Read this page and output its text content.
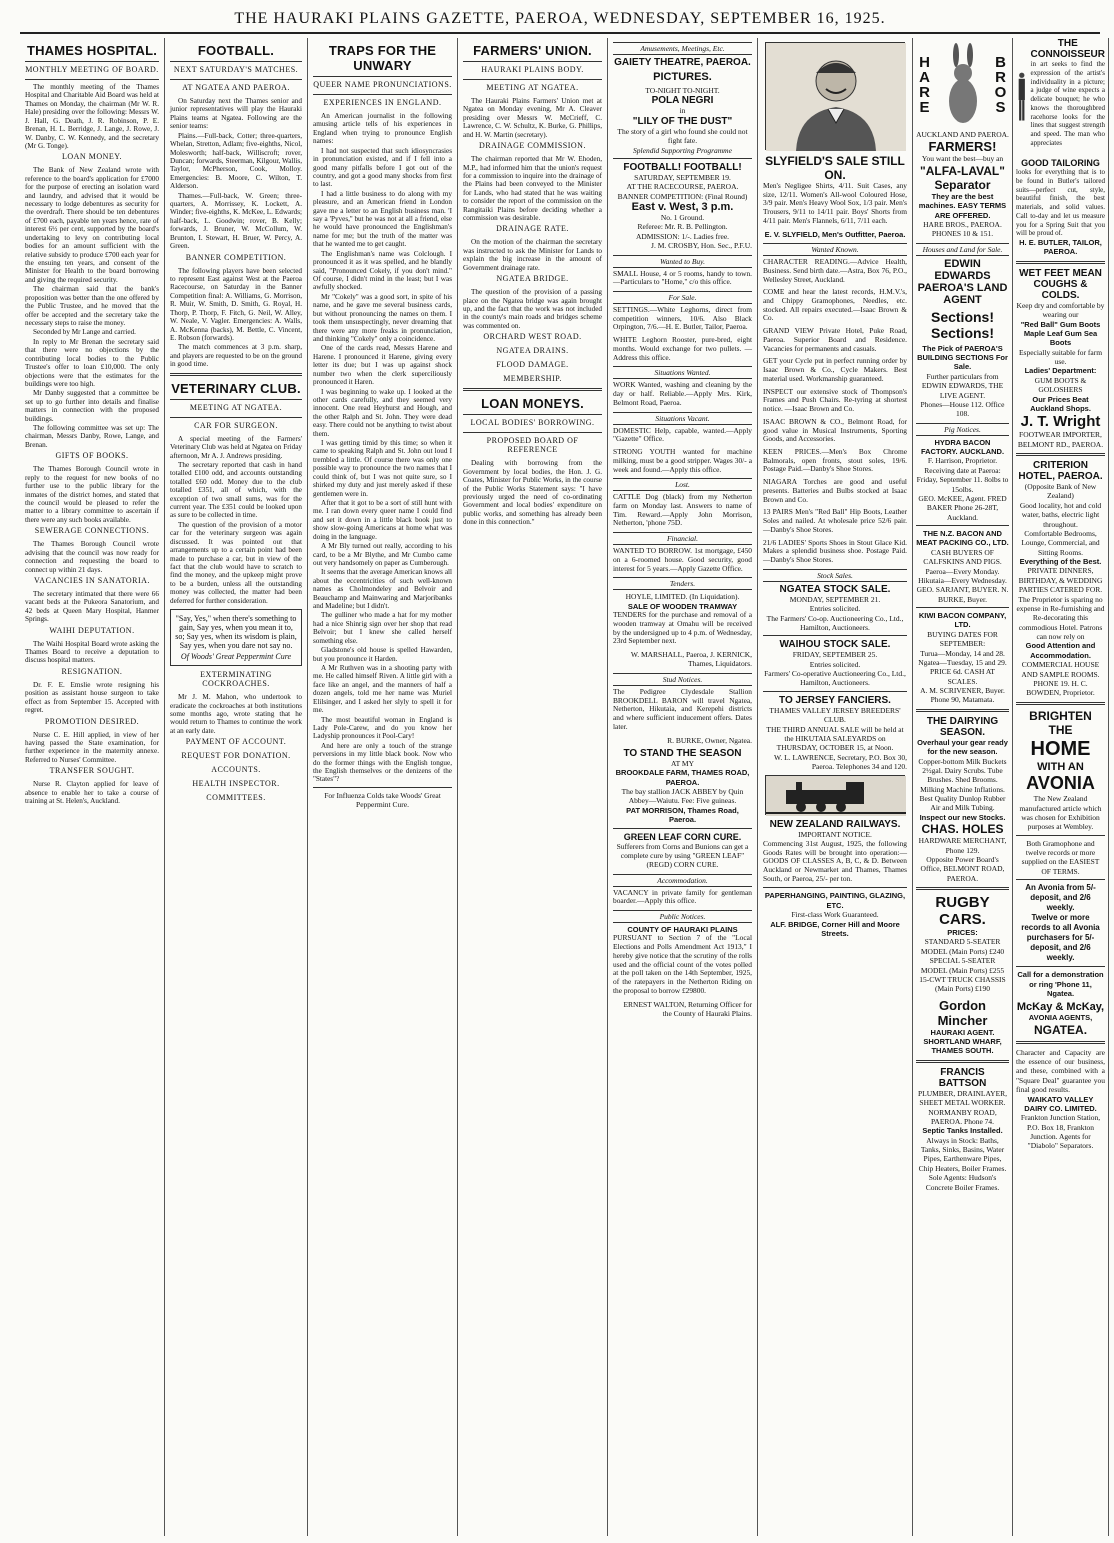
THE HAURAKI PLAINS GAZETTE, PAEROA, WEDNESDAY, SEPTEMBER 16, 1925.
THAMES HOSPITAL.
MONTHLY MEETING OF BOARD.

The monthly meeting of the Thames Hospital and Charitable Aid Board was held at Thames on Monday, the chairman (Mr W. R. Hale) presiding over the following: Messrs W. J. Hall, G. Death, J. R. Robinson, P. E. Brenan, H. L. Berridge, J. Lange, J. Rowe, J. W. Danby, C. W. Kennedy, and the secretary (Mr G. Tonge).

LOAN MONEY.

The Bank of New Zealand wrote with reference to the board's application for £7000 for the purpose of erecting an isolation ward and laundry, and advised that it would be necessary to lodge debentures as security for the overdraft. There should be ten debentures of £700 each, payable ten years hence, rate of interest 6½ per cent, supported by the board's undertaking to levy on contributing local bodies for an amount sufficient with the relative subsidy to produce £700 each year for the ensuing ten years, and consent of the Minister for Health to the board borrowing and giving the required security.

The chairman said that the bank's proposition was better than the one offered by the Public Trustee, and he moved that the offer be accepted and the secretary take the necessary steps to raise the money.

Seconded by Mr Lange and carried.

In reply to Mr Brenan the secretary said that there were no objections by the contributing local bodies to the Public Trustee's offer to loan £10,000. The only objections were that the estimates for the buildings were too high.

Mr Danby suggested that a committee be set up to go further into details and finalise matters in connection with the proposed buildings.

The following committee was set up: The chairman, Messrs Danby, Rowe, Lange, and Brenan.

GIFTS OF BOOKS.

The Thames Borough Council wrote in reply to the request for new books of no further use to the public library for the inmates of the district homes, and stated that the council would be pleased to refer the matter to a library committee to ascertain if there were any such books available.

SEWERAGE CONNECTIONS.

The Thames Borough Council wrote advising that the council was now ready for connection and requesting the board to connect up within 21 days.

VACANCIES IN SANATORIA.

The secretary intimated that there were 66 vacant beds at the Pukeora Sanatorium, and 42 beds at Queen Mary Hospital, Hanmer Springs.

WAIHI DEPUTATION.

The Waihi Hospital Board wrote asking the Thames Board to receive a deputation to discuss hospital matters.

RESIGNATION.

Dr. F. E. Emslie wrote resigning his position as assistant house surgeon to take effect as from September 15. Accepted with regret.

PROMOTION DESIRED.

Nurse C. E. Hill applied, in view of her having passed the State examination, for further experience in the maternity annexe. Referred to Nurses' Committee.

TRANSFER SOUGHT.

Nurse R. Clayton applied for leave of absence to enable her to take a course of training at St. Helen's, Auckland.

FOOTBALL.
NEXT SATURDAY'S MATCHES.
AT NGATEA AND PAEROA.

On Saturday next the Thames senior and junior representatives will play the Hauraki Plains teams at Ngatea. Following are the senior teams:

Plains.—Full-back, Cotter; three-quarters, Whelan, Stretton, Adlam; five-eighths, Nicol, Molesworth; half-back, Williscroft; rover, Duncan; forwards, Steerman, Kilgour, Wallis, Taylor, McPherson, Cook, Molloy. Emergencies: B. Moore, C. Wilton, T. Alderson.

Thames.—Full-back, W. Green; three-quarters, A. Morrissey, K. Lockett, A. Winder; five-eighths, K. McKee, L. Edwards; half-back, L. Goodwin; rover, B. Kelly; forwards, J. Bruner, W. McCollum, W. Brunton, I. Stewart, H. Bruer, W. Percy, A. Green.

BANNER COMPETITION.

The following players have been selected to represent East against West at the Paeroa Racecourse, on Saturday in the Banner Competition final: A. Williams, G. Morrison, R. Muir, W. Smith, D. Smith, G. Royal, H. Thorp, P. Thorp, F. Fitch, G. Neil, W. Alley, W. Neale, V. Vagler. Emergencies: A. Walls, A. McKenna (backs), M. Bettle, C. Vincent, E. Robson (forwards).

The match commences at 3 p.m. sharp, and players are requested to be on the ground in good time.

VETERINARY CLUB.
MEETING AT NGATEA.
CAR FOR SURGEON.

A special meeting of the Farmers' Veterinary Club was held at Ngatea on Friday afternoon, Mr A. J. Andrews presiding.

The secretary reported that cash in hand totalled £100 odd, and accounts outstanding totalled £60 odd. Money due to the club totalled £351, all of which, with the exception of two small sums, was for the current year. The £351 could be looked upon as sure to be collected in time.

The question of the provision of a motor car for the veterinary surgeon was again discussed. It was pointed out that arrangements up to a certain point had been made to purchase a car, but in view of the fact that the club would have to scratch to find the money, and the upkeep might prove to be a burden, unless all the outstanding money was collected, the matter had been deferred for further consideration.

"Say, Yes," when there's something to gain, Say yes, when you mean it to, so; Say yes, when its wisdom is plain, Say yes, when you dare not say no.
Of Woods' Great Peppermint Cure
EXTERMINATING COCKROACHES.

Mr J. M. Mahon, who undertook to eradicate the cockroaches at both institutions some months ago, wrote stating that he would return to Thames to continue the work at an early date.

PAYMENT OF ACCOUNT.
REQUEST FOR DONATION.
ACCOUNTS.
HEALTH INSPECTOR.
COMMITTEES.
TRAPS FOR THE UNWARY
QUEER NAME PRONUNCIATIONS.
EXPERIENCES IN ENGLAND.

An American journalist in the following amusing article tells of his experiences in England when trying to pronounce English names:

I had not suspected that such idiosyncrasies in pronunciation existed, and if I fell into a good many pitfalls before I got out of the country, and got a good many shocks from first to last.

I had a little business to do along with my pleasure, and an American friend in London gave me a letter to an English business man. 'I say a 'Pyves,'' but he was not at all a friend, else he would have pronounced the Englishman's name for me; but the truth of the matter was that he wanted me to get caught.

The Englishman's name was Colclough. I pronounced it as it was spelled, and he blandly said, "Pronounced Cokely, if you don't mind." Of course, I didn't mind in the least; but I was awfully shocked.

Mr "Cokely" was a good sort, in spite of his name, and he gave me several business cards, but without pronouncing the names on them. I took them unsuspectingly, never dreaming that there were any more freaks in pronunciation, and thinking "Cokely" only a coincidence.

One of the cards read, Messrs Harene and Harene. I pronounced it Harene, giving every letter its due; but I was up against shock number two when the clerk superciliously pronounced it Haren.

I was beginning to wake up. I looked at the other cards carefully, and they seemed very innocent. One read Heyhurst and Hough, and the other Ralph and St. John. They were dead easy. There could not be anything to twist about them.

I was getting timid by this time; so when it came to speaking Ralph and St. John out loud I trembled a little. Of course there was only one possible way to pronounce the two names that I could think of, but I was not quite sure, so I shirked my duty and just merely asked if these gentlemen were in.

After that it got to be a sort of still hunt with me. I ran down every queer name I could find and set it down in a little black book just to show slow-going Americans at home what was doing in the language.

A Mr Bly turned out really, according to his card, to be a Mr Blythe, and Mr Cumbo came out very handsomely on paper as Cumberough.

It seems that the average American knows all about the eccentricities of such well-known names as Cholmondeley and Belvoir and Beauchamp and Mainwaring and Marjoribanks and Madeline; but I didn't.

The gulliner who made a hat for my mother had a nice Shinrig sign over her shop that read Belvoir; but I knew she called herself something else.

Gladstone's old house is spelled Hawarden, but you pronounce it Harden.

A Mr Ruthven was in a shooting party with me. He called himself Riven. A little girl with a face like an angel, and the manners of half a dozen angels, told me her name was Muriel Elilsinger, and I asked her slyly to spell it for me.

The most beautiful woman in England is Lady Pole-Carew, and do you know her Ladyship pronounces it Pool-Cary!

And here are only a touch of the strange perversions in my little black book. Now who do the former things with the English tongue, the English themselves or the denizens of the "States"?

For Influenza Colds take Woods' Great Peppermint Cure.
FARMERS' UNION.
HAURAKI PLAINS BODY.
MEETING AT NGATEA.

The Hauraki Plains Farmers' Union met at Ngatea on Monday evening, Mr A. Cleaver presiding over Messrs W. McCrieff, C. Lawrence, C. W. Schultz, K. Burke, G. Phillips, and H. W. Martin (secretary).

DRAINAGE COMMISSION.

The chairman reported that Mr W. Ehoden, M.P., had informed him that the union's request for a commission to inquire into the drainage of the Plains had been conveyed to the Minister for Lands, who had stated that he was waiting to consider the report of the commission on the Rangitaiki Plains before deciding whether a commission was desirable.

DRAINAGE RATE.

On the motion of the chairman the secretary was instructed to ask the Minister for Lands to explain the big increase in the amount of Government drainage rate.

NGATEA BRIDGE.

The question of the provision of a passing place on the Ngatea bridge was again brought up, and the fact that the work was not included in the county's main roads and bridges scheme was commented on.

ORCHARD WEST ROAD.
NGATEA DRAINS.
FLOOD DAMAGE.
MEMBERSHIP.
LOAN MONEYS.
LOCAL BODIES' BORROWING.
PROPOSED BOARD OF REFERENCE

Dealing with borrowing from the Government by local bodies, the Hon. J. G. Coates, Minister for Public Works, in the course of the Public Works Statement says: "I have previously urged the need of co-ordinating Government and local bodies' expenditure on public works, and something has already been done in this connection."

Amusements, Meetings, Etc.
GAIETY THEATRE, PAEROA.
PICTURES.
TO-NIGHT TO-NIGHT.
POLA NEGRI
in
"LILY OF THE DUST"
The story of a girl who found she could not fight fate.
Splendid Supporting Programme
FOOTBALL! FOOTBALL!
SATURDAY, SEPTEMBER 19.
AT THE RACECOURSE, PAEROA.
BANNER COMPETITION: (Final Round)
East v. West, 3 p.m.
No. 1 Ground.
Referee: Mr. R. B. Pellington.
ADMISSION: 1/-. Ladies free.
J. M. CROSBY, Hon. Sec., P.F.U.
Wanted to Buy.
SMALL House, 4 or 5 rooms, handy to town.—Particulars to "Home," c/o this office.
For Sale.
SETTINGS.—White Leghorns, direct from competition winners, 10/6. Also Black Orpington, 7/6.—H. E. Butler, Tailor, Paeroa.
WHITE Leghorn Rooster, pure-bred, eight months. Would exchange for two pullets. —Address this office.
Situations Wanted.
WORK Wanted, washing and cleaning by the day or half. Reliable.—Apply Mrs. Kirk, Belmont Road, Paeroa.
Situations Vacant.
DOMESTIC Help, capable, wanted.—Apply "Gazette" Office.
STRONG YOUTH wanted for machine milking, must be a good stripper. Wages 30/- a week and found.—Apply this office.
Lost.
CATTLE Dog (black) from my Netherton farm on Monday last. Answers to name of Tim. Reward.—Apply John Morrison, Netherton, 'phone 75D.
Financial.
WANTED TO BORROW. 1st mortgage, £450 on a 6-roomed house. Good security, good interest for 5 years.—Apply Gazette Office.
Tenders.
HOYLE, LIMITED. (In Liquidation).
SALE OF WOODEN TRAMWAY
TENDERS for the purchase and removal of a wooden tramway at Omahu will be received by the undersigned up to 4 p.m. of Wednesday, 23rd September next.
W. MARSHALL, Paeroa, J. KERNICK, Thames, Liquidators.
Stud Notices.
The Pedigree Clydesdale Stallion BROOKDELL BARON will travel Ngatea, Netherton, Hikutaia, and Kerepehi districts and where sufficient inducement offers. Dates later.
R. BURKE, Owner, Ngatea.
TO STAND THE SEASON
AT MY
BROOKDALE FARM, THAMES ROAD, PAEROA.
The bay stallion JACK ABBEY by Quin Abbey—Waiutu. Fee: Five guineas.
PAT MORRISON, Thames Road, Paeroa.
GREEN LEAF CORN CURE.
Sufferers from Corns and Bunions can get a complete cure by using "GREEN LEAF" (REGD) CORN CURE.
Accommodation.
VACANCY in private family for gentleman boarder.—Apply this office.
Public Notices.
COUNTY OF HAURAKI PLAINS
PURSUANT to Section 7 of the "Local Elections and Polls Amendment Act 1913," I hereby give notice that the scrutiny of the rolls used and the official count of the votes polled at the poll taken on the 14th September, 1925, of the ratepayers in the Netherton Riding on the proposal to borrow £29800.
ERNEST WALTON, Returning Officer for the County of Hauraki Plains.
SLYFIELD'S SALE STILL ON.
Men's Negligee Shirts, 4/11. Suit Cases, any size, 12/11. Women's All-wool Coloured Hose, 3/9 pair. Men's Heavy Wool Sox, 1/3 pair. Men's Trousers, 9/11 to 14/11 pair. Boys' Shorts from 4/11 pair. Men's Flannels, 6/11, 7/11 each.
E. V. SLYFIELD, Men's Outfitter, Paeroa.
Wanted Known.
CHARACTER READING.—Advice Health, Business. Send birth date.—Astra, Box 76, P.O., Wellesley Street, Auckland.
COME and hear the latest records, H.M.V.'s, and Chippy Gramophones, Needles, etc. stocked. All repairs executed.—Isaac Brown & Co.
GRAND VIEW Private Hotel, Puke Road, Paeroa. Superior Board and Residence. Vacancies for permanents and casuals.
GET your Cycle put in perfect running order by Isaac Brown & Co., Cycle Makers. Best material used. Workmanship guaranteed.
INSPECT our extensive stock of Thompson's Frames and Push Chairs. Re-tyring at shortest notice. —Isaac Brown and Co.
ISAAC BROWN & CO., Belmont Road, for good value in Musical Instruments, Sporting Goods, and Accessories.
KEEN PRICES.—Men's Box Chrome Balmorals, open fronts, stout soles, 19/6. Postage Paid.—Danby's Shoe Stores.
NIAGARA Torches are good and useful presents. Batteries and Bulbs stocked at Isaac Brown and Co.
13 PAIRS Men's "Red Ball" Hip Boots, Leather Soles and nailed. At wholesale price 52/6 pair.—Danby's Shoe Stores.
21/6 LADIES' Sports Shoes in Stout Glace Kid. Makes a splendid business shoe. Postage Paid.—Danby's Shoe Stores.
Stock Sales.
NGATEA STOCK SALE.
MONDAY, SEPTEMBER 21.
Entries solicited.
The Farmers' Co-op. Auctioneering Co., Ltd., Hamilton, Auctioneers.
WAIHOU STOCK SALE.
FRIDAY, SEPTEMBER 25.
Entries solicited.
Farmers' Co-operative Auctioneering Co., Ltd., Hamilton, Auctioneers.
TO JERSEY FANCIERS.
THAMES VALLEY JERSEY BREEDERS' CLUB.
THE THIRD ANNUAL SALE will be held at the HIKUTAIA SALEYARDS on THURSDAY, OCTOBER 15, at Noon.
W. L. LAWRENCE, Secretary, P.O. Box 30, Paeroa. Telephones 34 and 120.
NEW ZEALAND RAILWAYS.
IMPORTANT NOTICE.
Commencing 31st August, 1925, the following Goods Rates will be brought into operation:— GOODS OF CLASSES A, B, C, & D. Between Auckland or Newmarket and Thames, Thames South, or Paeroa, 25/- per ton.
PAPERHANGING, PAINTING, GLAZING, ETC.
First-class Work Guaranteed.
ALF. BRIDGE, Corner Hill and Moore Streets.
HARE	BROS
AUCKLAND AND PAEROA.
FARMERS!
You want the best—buy an
"ALFA-LAVAL" Separator
They are the best machines. EASY TERMS ARE OFFERED.
HARE BROS., PAEROA. PHONES 10 & 151.
Houses and Land for Sale.
EDWIN EDWARDS PAEROA'S LAND AGENT
Sections! Sections!
The Pick of PAEROA'S BUILDING SECTIONS For Sale.
Further particulars from EDWIN EDWARDS, THE LIVE AGENT.
Phones—House 112. Office 108.
Pig Notices.
HYDRA BACON FACTORY. AUCKLAND.
F. Harrison, Proprietor.
Receiving date at Paeroa: Friday, September 11. 8olbs to 15olbs.
GEO. McKEE, Agent. FRED BAKER Phone 26-28T, Auckland.
THE N.Z. BACON AND MEAT PACKING CO., LTD.
CASH BUYERS OF CALFSKINS AND PIGS.
Paeroa—Every Monday. Hikutaia—Every Wednesday.
GEO. SARJANT, BUYER. N. BURKE, Buyer.
KIWI BACON COMPANY, LTD.
BUYING DATES FOR SEPTEMBER:
Turua—Monday, 14 and 28. Ngatea—Tuesday, 15 and 29. PRICE 6d. CASH AT SCALES.
A. M. SCRIVENER, Buyer. Phone 90, Matamata.
THE DAIRYING SEASON.
Overhaul your gear ready for the new season.
Copper-bottom Milk Buckets 2½gal. Dairy Scrubs. Tube Brushes. Shed Brooms. Milking Machine Inflations. Best Quality Dunlop Rubber Air and Milk Tubing.
Inspect our new Stocks.
CHAS. HOLES
HARDWARE MERCHANT, Phone 129.
Opposite Power Board's Office, BELMONT ROAD, PAEROA.
RUGBY CARS.
PRICES:
STANDARD 5-SEATER MODEL (Main Ports) £240
SPECIAL 5-SEATER MODEL (Main Ports) £255
15-CWT TRUCK CHASSIS (Main Ports) £190
Gordon Mincher
HAURAKI AGENT. SHORTLAND WHARF, THAMES SOUTH.
FRANCIS BATTSON
PLUMBER, DRAINLAYER, SHEET METAL WORKER.
NORMANBY ROAD, PAEROA. Phone 74.
Septic Tanks Installed.
Always in Stock: Baths, Tanks, Sinks, Basins, Water Pipes, Earthenware Pipes, Chip Heaters, Boiler Frames.
Sole Agents: Hudson's Concrete Boiler Frames.
THE CONNOISSEUR
in art seeks to find the expression of the artist's individuality in a picture; a judge of wine expects a delicate bouquet; he who knows the thoroughbred racehorse looks for the lines that suggest strength and speed. The man who appreciates
GOOD TAILORING
looks for everything that is to be found in Butler's tailored suits—perfect cut, style, beautiful finish, the best materials, and solid values. Call to-day and let us measure you for a Spring Suit that you will be proud of.
H. E. BUTLER, TAILOR, PAEROA.
WET FEET MEAN COUGHS & COLDS.
Keep dry and comfortable by wearing our
"Red Ball" Gum Boots Maple Leaf Gum Sea Boots
Especially suitable for farm use.
Ladies' Department:
GUM BOOTS & GOLOSHERS
Our Prices Beat Auckland Shops.
J. T. Wright
FOOTWEAR IMPORTER, BELMONT RD., PAEROA.
CRITERION HOTEL, PAEROA.
(Opposite Bank of New Zealand)
Good locality, hot and cold water, baths, electric light throughout.
Comfortable Bedrooms, Lounge, Commercial, and Sitting Rooms.
Everything of the Best.
PRIVATE DINNERS, BIRTHDAY, & WEDDING PARTIES CATERED FOR.
The Proprietor is sparing no expense in Re-furnishing and Re-decorating this commodious Hotel. Patrons can now rely on
Good Attention and Accommodation.
COMMERCIAL HOUSE AND SAMPLE ROOMS.
PHONE 19. H. C. BOWDEN, Proprietor.
BRIGHTEN THE
HOME
WITH AN
AVONIA
The New Zealand manufactured article which was chosen for Exhibition purposes at Wembley.
Both Gramophone and twelve records or more supplied on the EASIEST OF TERMS.
An Avonia from 5/- deposit, and 2/6 weekly.
Twelve or more records to all Avonia purchasers for 5/- deposit, and 2/6 weekly.
Call for a demonstration or ring 'Phone 11, Ngatea.
McKay & McKay,
AVONIA AGENTS,
NGATEA.
Character and Capacity are the essence of our business, and these, combined with a "Square Deal" guarantee you final good results.
WAIKATO VALLEY DAIRY CO. LIMITED.
Frankton Junction Station, P.O. Box 18, Frankton Junction. Agents for "Diabolo" Separators.
